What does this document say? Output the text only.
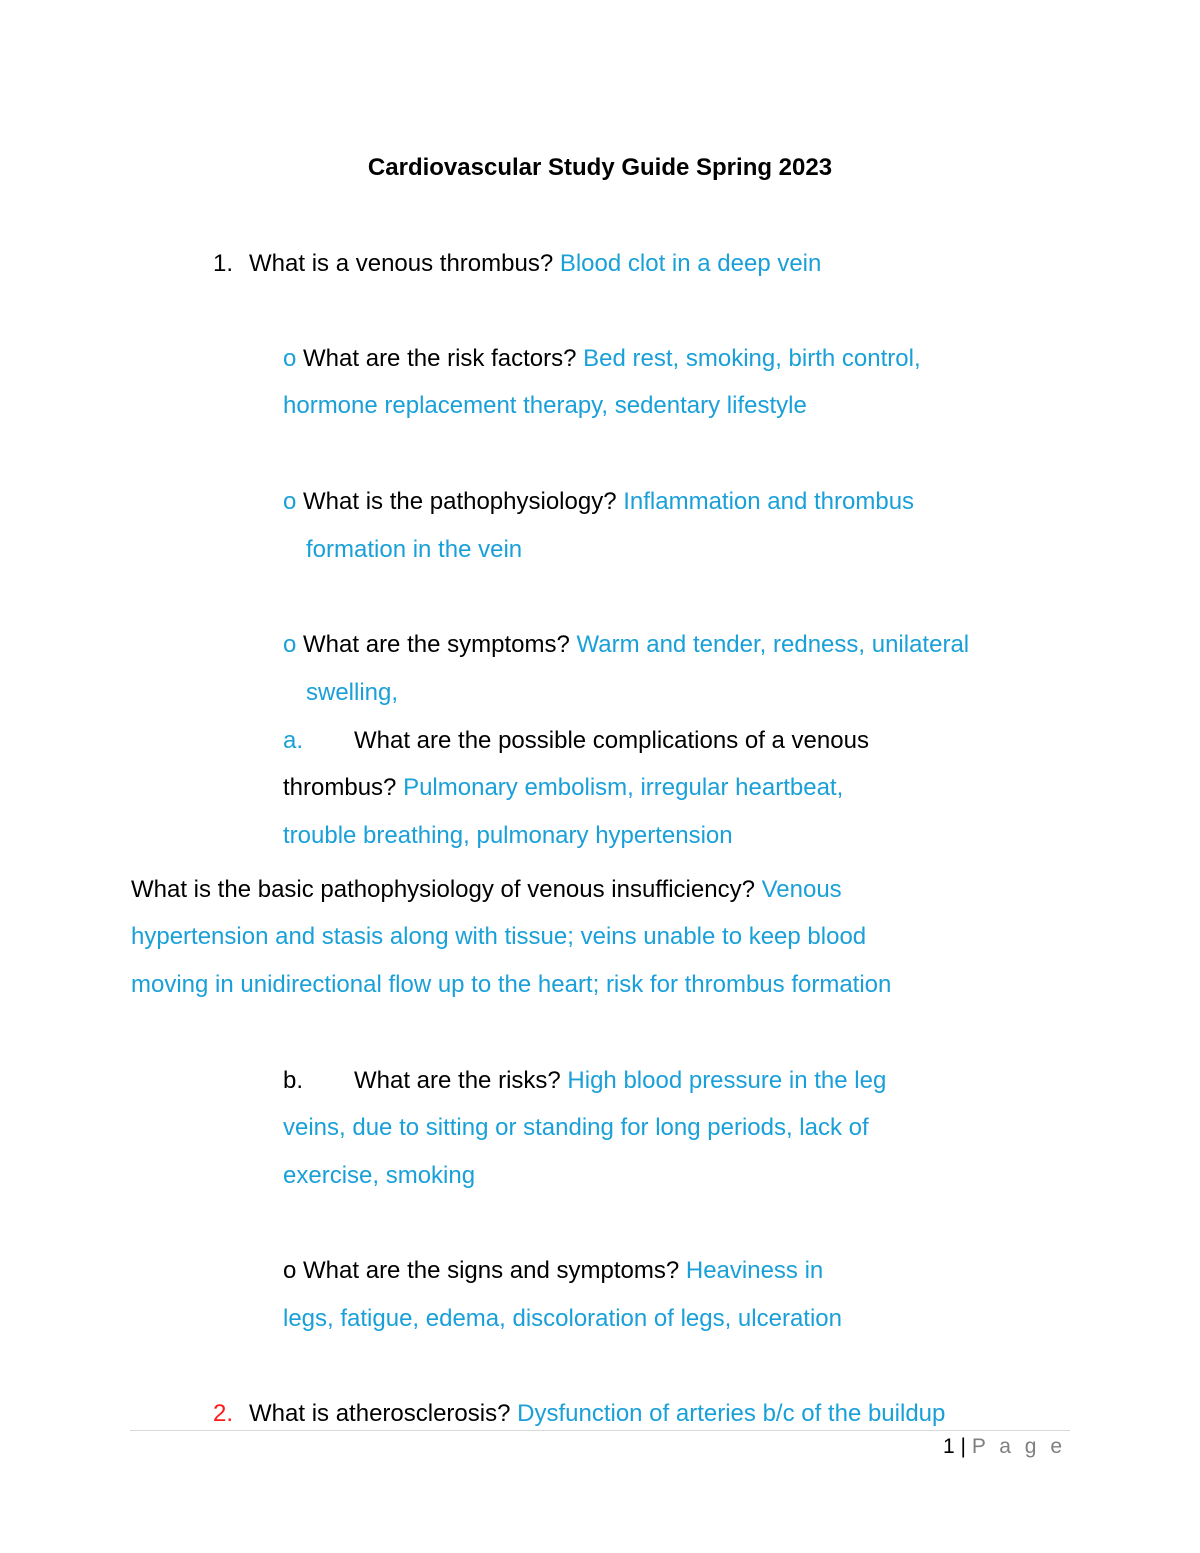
Cardiovascular Study Guide Spring 2023
1. What is a venous thrombus? Blood clot in a deep vein
o What are the risk factors? Bed rest, smoking, birth control,
hormone replacement therapy, sedentary lifestyle
o What is the pathophysiology? Inflammation and thrombus
formation in the vein
o What are the symptoms? Warm and tender, redness, unilateral
swelling,
a. What are the possible complications of a venous
thrombus? Pulmonary embolism, irregular heartbeat,
trouble breathing, pulmonary hypertension
What is the basic pathophysiology of venous insufficiency? Venous
hypertension and stasis along with tissue; veins unable to keep blood
moving in unidirectional flow up to the heart; risk for thrombus formation
b. What are the risks? High blood pressure in the leg
veins, due to sitting or standing for long periods, lack of
exercise, smoking
o What are the signs and symptoms? Heaviness in
legs, fatigue, edema, discoloration of legs, ulceration
2. What is atherosclerosis? Dysfunction of arteries b/c of the buildup
1 | P a g e
